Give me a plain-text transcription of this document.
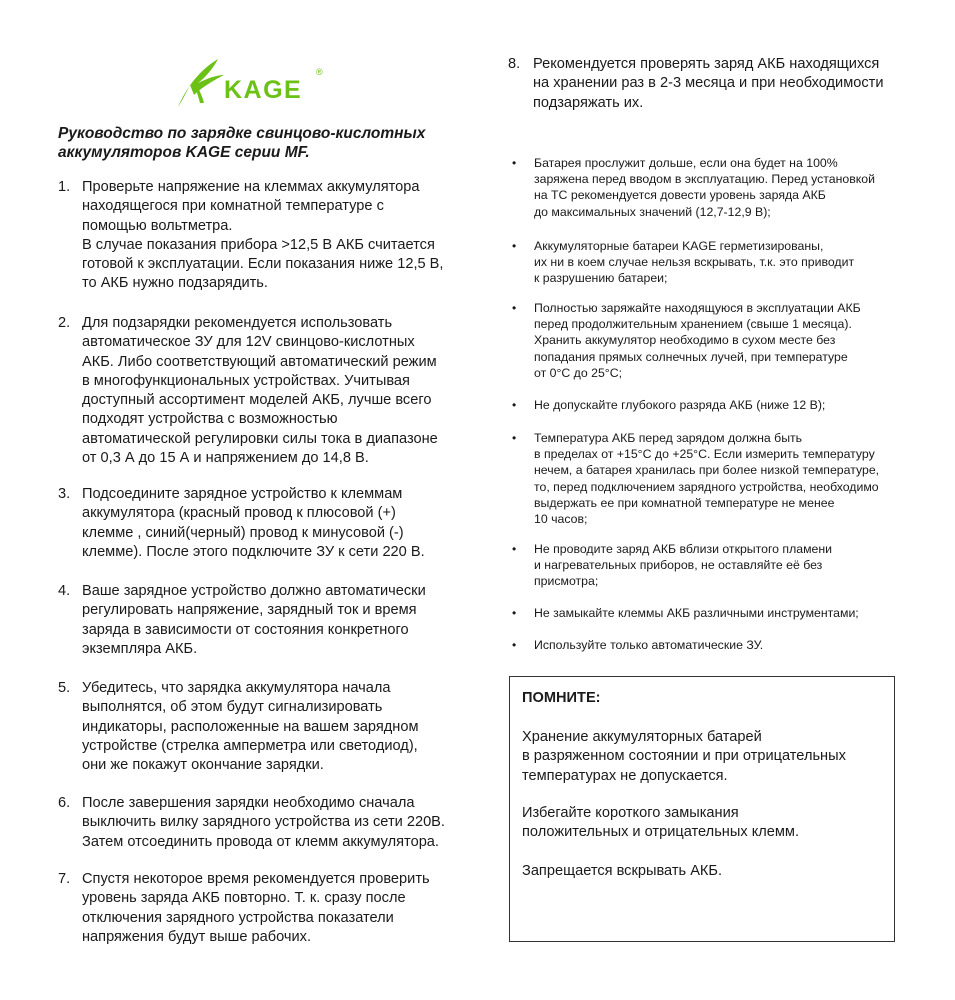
KAGE
®
Руководство по зарядке свинцово-кислотных
аккумуляторов KAGE серии MF.
1. Проверьте напряжение на клеммах аккумулятора
находящегося при комнатной температуре с
помощью вольтметра.
В случае показания прибора >12,5 В АКБ считается
готовой к эксплуатации. Если показания ниже 12,5 В,
то АКБ нужно подзарядить.
2. Для подзарядки рекомендуется использовать
автоматическое ЗУ для 12V свинцово-кислотных
АКБ. Либо соответствующий автоматический режим
в многофункциональных устройствах. Учитывая
доступный ассортимент моделей АКБ, лучше всего
подходят устройства с возможностью
автоматической регулировки силы тока в диапазоне
от 0,3 А до 15 А и напряжением до 14,8 В.
3. Подсоедините зарядное устройство к клеммам
аккумулятора (красный провод к плюсовой (+)
клемме , синий(черный) провод к минусовой (-)
клемме). После этого подключите ЗУ к сети 220 В.
4. Ваше зарядное устройство должно автоматически
регулировать напряжение, зарядный ток и время
заряда в зависимости от состояния конкретного
экземпляра АКБ.
5. Убедитесь, что зарядка аккумулятора начала
выполнятся, об этом будут сигнализировать
индикаторы, расположенные на вашем зарядном
устройстве (стрелка амперметра или светодиод),
они же покажут окончание зарядки.
6. После завершения зарядки необходимо сначала
выключить вилку зарядного устройства из сети 220В.
Затем отсоединить провода от клемм аккумулятора.
7. Спустя некоторое время рекомендуется проверить
уровень заряда АКБ повторно. Т. к. сразу после
отключения зарядного устройства показатели
напряжения будут выше рабочих.
8. Рекомендуется проверять заряд АКБ находящихся
на хранении раз в 2-3 месяца и при необходимости
подзаряжать их.
• Батарея прослужит дольше, если она будет на 100%
заряжена перед вводом в эксплуатацию. Перед установкой
на ТС рекомендуется довести уровень заряда АКБ
до максимальных значений (12,7-12,9 В);
• Аккумуляторные батареи KAGE герметизированы,
их ни в коем случае нельзя вскрывать, т.к. это приводит
к разрушению батареи;
• Полностью заряжайте находящуюся в эксплуатации АКБ
перед продолжительным хранением (свыше 1 месяца).
Хранить аккумулятор необходимо в сухом месте без
попадания прямых солнечных лучей, при температуре
от 0°С до 25°С;
• Не допускайте глубокого разряда АКБ (ниже 12 В);
• Температура АКБ перед зарядом должна быть
в пределах от +15°С до +25°С. Если измерить температуру
нечем, а батарея хранилась при более низкой температуре,
то, перед подключением зарядного устройства, необходимо
выдержать ее при комнатной температуре не менее
10 часов;
• Не проводите заряд АКБ вблизи открытого пламени
и нагревательных приборов, не оставляйте её без
присмотра;
• Не замыкайте клеммы АКБ различными инструментами;
• Используйте только автоматические ЗУ.
ПОМНИТЕ:
Хранение аккумуляторных батарей
в разряженном состоянии и при отрицательных
температурах не допускается.
Избегайте короткого замыкания
положительных и отрицательных клемм.
Запрещается вскрывать АКБ.
